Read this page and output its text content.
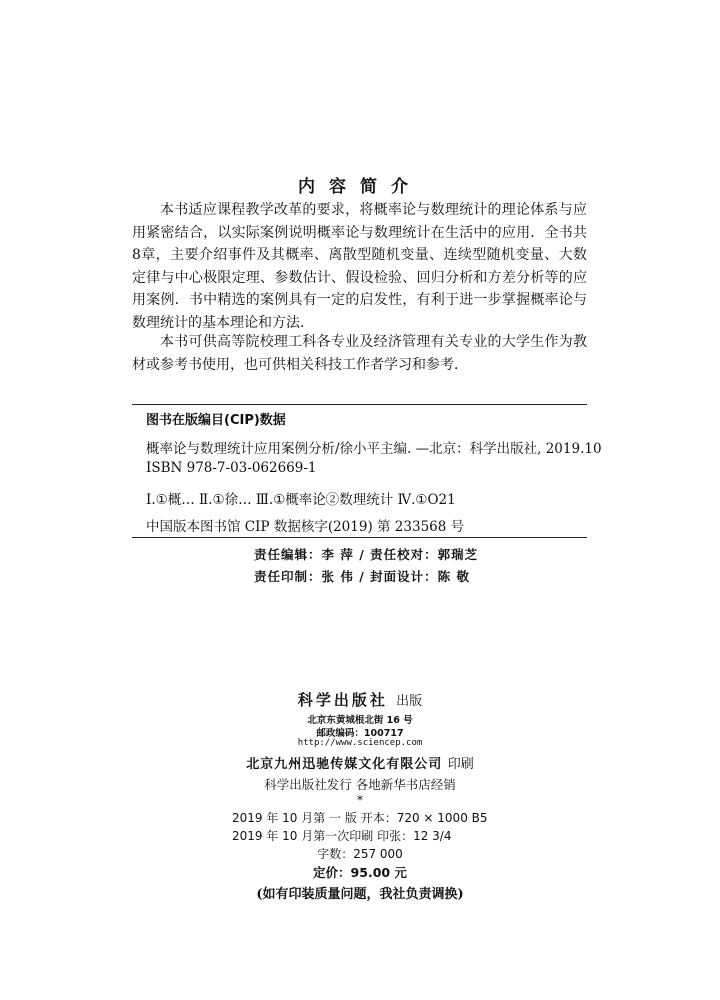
内容简介

本书适应课程教学改革的要求，将概率论与数理统计的理论体系与应用紧密结合，以实际案例说明概率论与数理统计在生活中的应用．全书共8章，主要介绍事件及其概率、离散型随机变量、连续型随机变量、大数定律与中心极限定理、参数估计、假设检验、回归分析和方差分析等的应用案例．书中精选的案例具有一定的启发性，有利于进一步掌握概率论与数理统计的基本理论和方法．

本书可供高等院校理工科各专业及经济管理有关专业的大学生作为教材或参考书使用，也可供相关科技工作者学习和参考．

图书在版编目(CIP)数据
概率论与数理统计应用案例分析/徐小平主编. —北京：科学出版社, 2019.10
ISBN 978-7-03-062669-1
Ⅰ.①概… Ⅱ.①徐… Ⅲ.①概率论②数理统计 Ⅳ.①O21
中国版本图书馆 CIP 数据核字(2019) 第 233568 号
责任编辑：李 萍 / 责任校对：郭瑞芝
责任印制：张 伟 / 封面设计：陈 敬
科学出版社 出版
北京东黄城根北街 16 号
邮政编码：100717
http://www.sciencep.com
北京九州迅驰传媒文化有限公司 印刷
科学出版社发行 各地新华书店经销
*
2019 年 10 月第 一 版 开本：720 × 1000 B5
2019 年 10 月第一次印刷 印张：12 3/4
字数：257 000
定价：95.00 元
(如有印装质量问题，我社负责调换)
